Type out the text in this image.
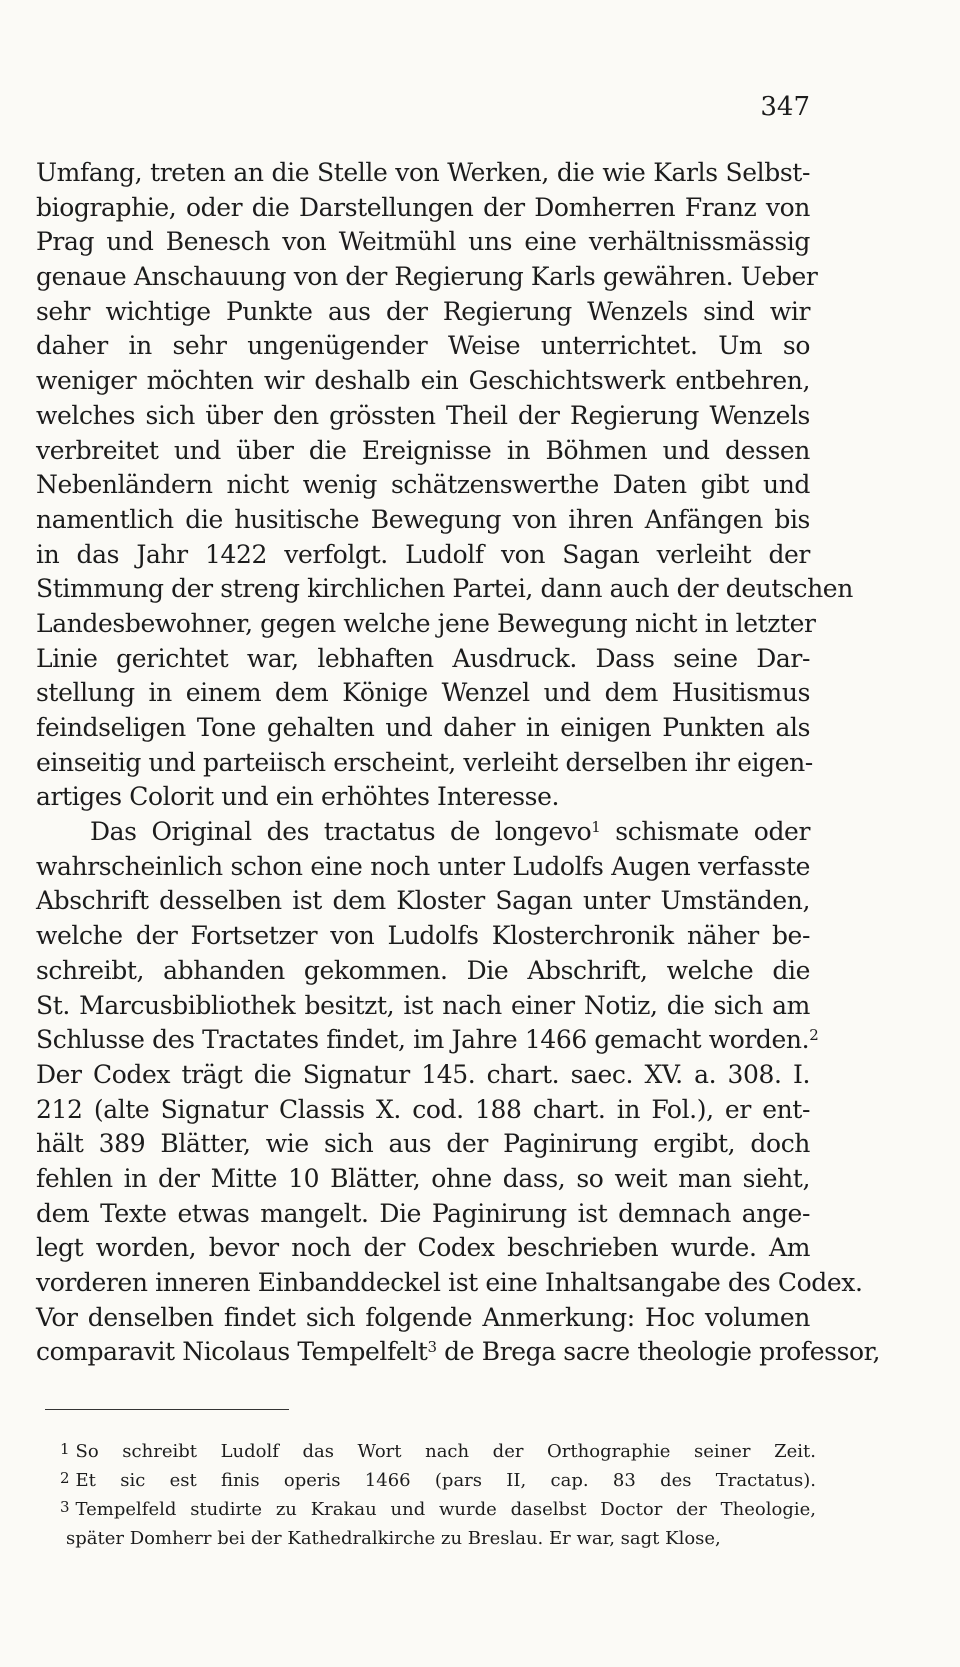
347
Umfang, treten an die Stelle von Werken, die wie Karls Selbst-
biographie, oder die Darstellungen der Domherren Franz von
Prag und Benesch von Weitmühl uns eine verhältnissmässig
genaue Anschauung von der Regierung Karls gewähren. Ueber
sehr wichtige Punkte aus der Regierung Wenzels sind wir
daher in sehr ungenügender Weise unterrichtet. Um so
weniger möchten wir deshalb ein Geschichtswerk entbehren,
welches sich über den grössten Theil der Regierung Wenzels
verbreitet und über die Ereignisse in Böhmen und dessen
Nebenländern nicht wenig schätzenswerthe Daten gibt und
namentlich die husitische Bewegung von ihren Anfängen bis
in das Jahr 1422 verfolgt. Ludolf von Sagan verleiht der
Stimmung der streng kirchlichen Partei, dann auch der deutschen
Landesbewohner, gegen welche jene Bewegung nicht in letzter
Linie gerichtet war, lebhaften Ausdruck. Dass seine Dar-
stellung in einem dem Könige Wenzel und dem Husitismus
feindseligen Tone gehalten und daher in einigen Punkten als
einseitig und parteiisch erscheint, verleiht derselben ihr eigen-
artiges Colorit und ein erhöhtes Interesse.
Das Original des tractatus de longevo$^1$ schismate oder
wahrscheinlich schon eine noch unter Ludolfs Augen verfasste
Abschrift desselben ist dem Kloster Sagan unter Umständen,
welche der Fortsetzer von Ludolfs Klosterchronik näher be-
schreibt, abhanden gekommen. Die Abschrift, welche die
St. Marcusbibliothek besitzt, ist nach einer Notiz, die sich am
Schlusse des Tractates findet, im Jahre 1466 gemacht worden.$^2$
Der Codex trägt die Signatur 145. chart. saec. XV. a. 308. I.
212 (alte Signatur Classis X. cod. 188 chart. in Fol.), er ent-
hält 389 Blätter, wie sich aus der Paginirung ergibt, doch
fehlen in der Mitte 10 Blätter, ohne dass, so weit man sieht,
dem Texte etwas mangelt. Die Paginirung ist demnach ange-
legt worden, bevor noch der Codex beschrieben wurde. Am
vorderen inneren Einbanddeckel ist eine Inhaltsangabe des Codex.
Vor denselben findet sich folgende Anmerkung: Hoc volumen
comparavit Nicolaus Tempelfelt$^3$ de Brega sacre theologie professor,
$^1$ So schreibt Ludolf das Wort nach der Orthographie seiner Zeit.
$^2$ Et sic est finis operis 1466 (pars II, cap. 83 des Tractatus).
$^3$ Tempelfeld studirte zu Krakau und wurde daselbst Doctor der Theologie,
später Domherr bei der Kathedralkirche zu Breslau. Er war, sagt Klose,
